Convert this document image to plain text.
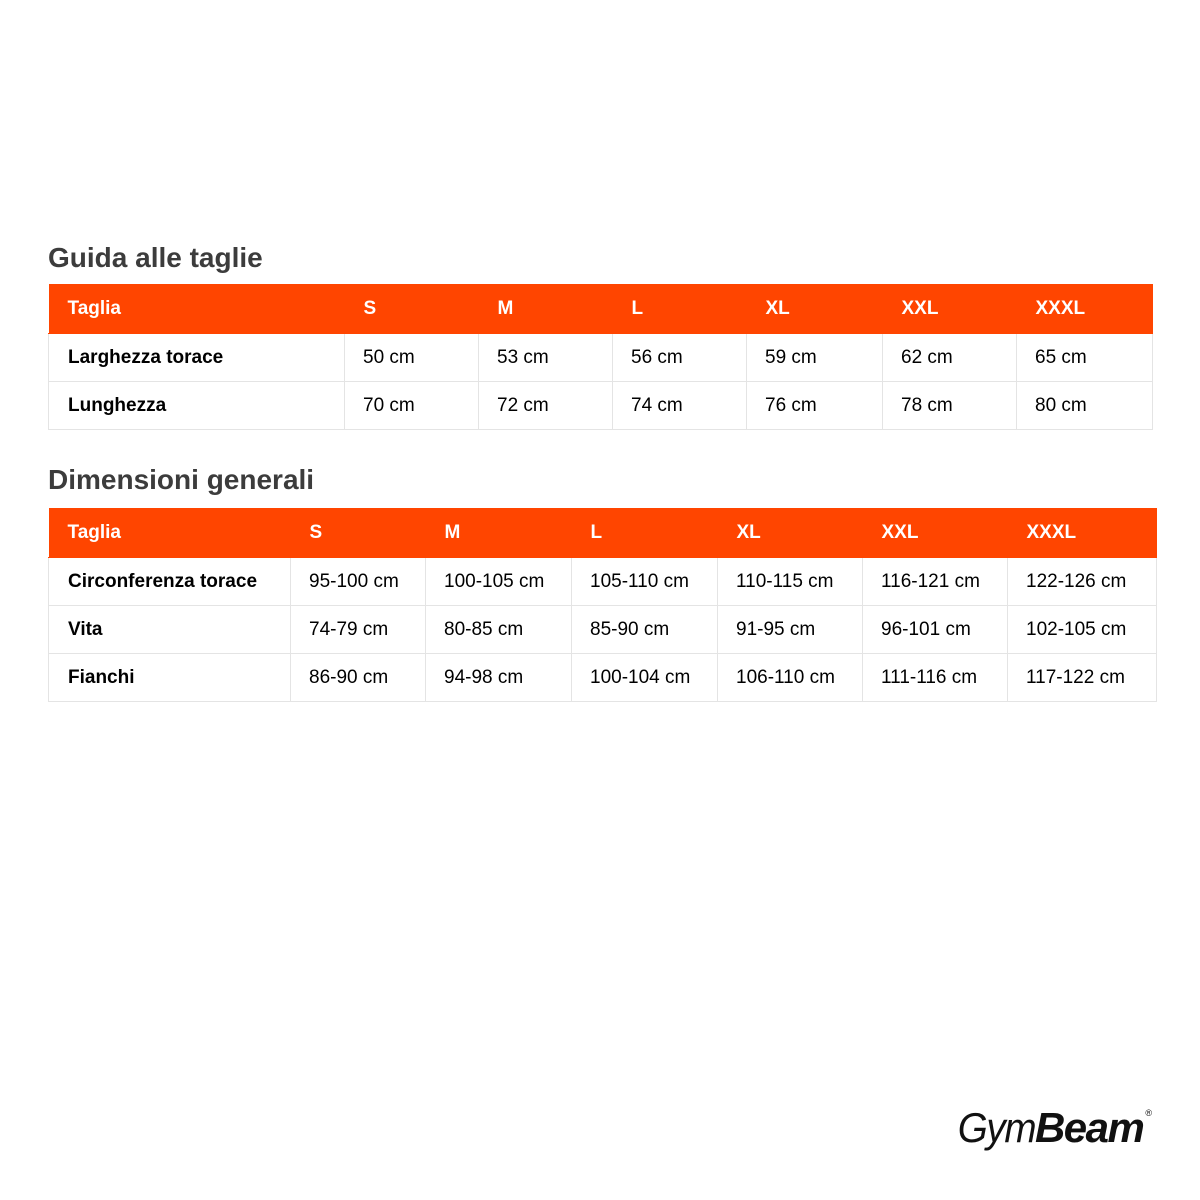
Guida alle taglie
Taglia	S	M	L	XL	XXL	XXXL
Larghezza torace	50 cm	53 cm	56 cm	59 cm	62 cm	65 cm
Lunghezza	70 cm	72 cm	74 cm	76 cm	78 cm	80 cm
Dimensioni generali
Taglia	S	M	L	XL	XXL	XXXL
Circonferenza torace	95-100 cm	100-105 cm	105-110 cm	110-115 cm	116-121 cm	122-126 cm
Vita	74-79 cm	80-85 cm	85-90 cm	91-95 cm	96-101 cm	102-105 cm
Fianchi	86-90 cm	94-98 cm	100-104 cm	106-110 cm	111-116 cm	117-122 cm
Gym Beam ®
